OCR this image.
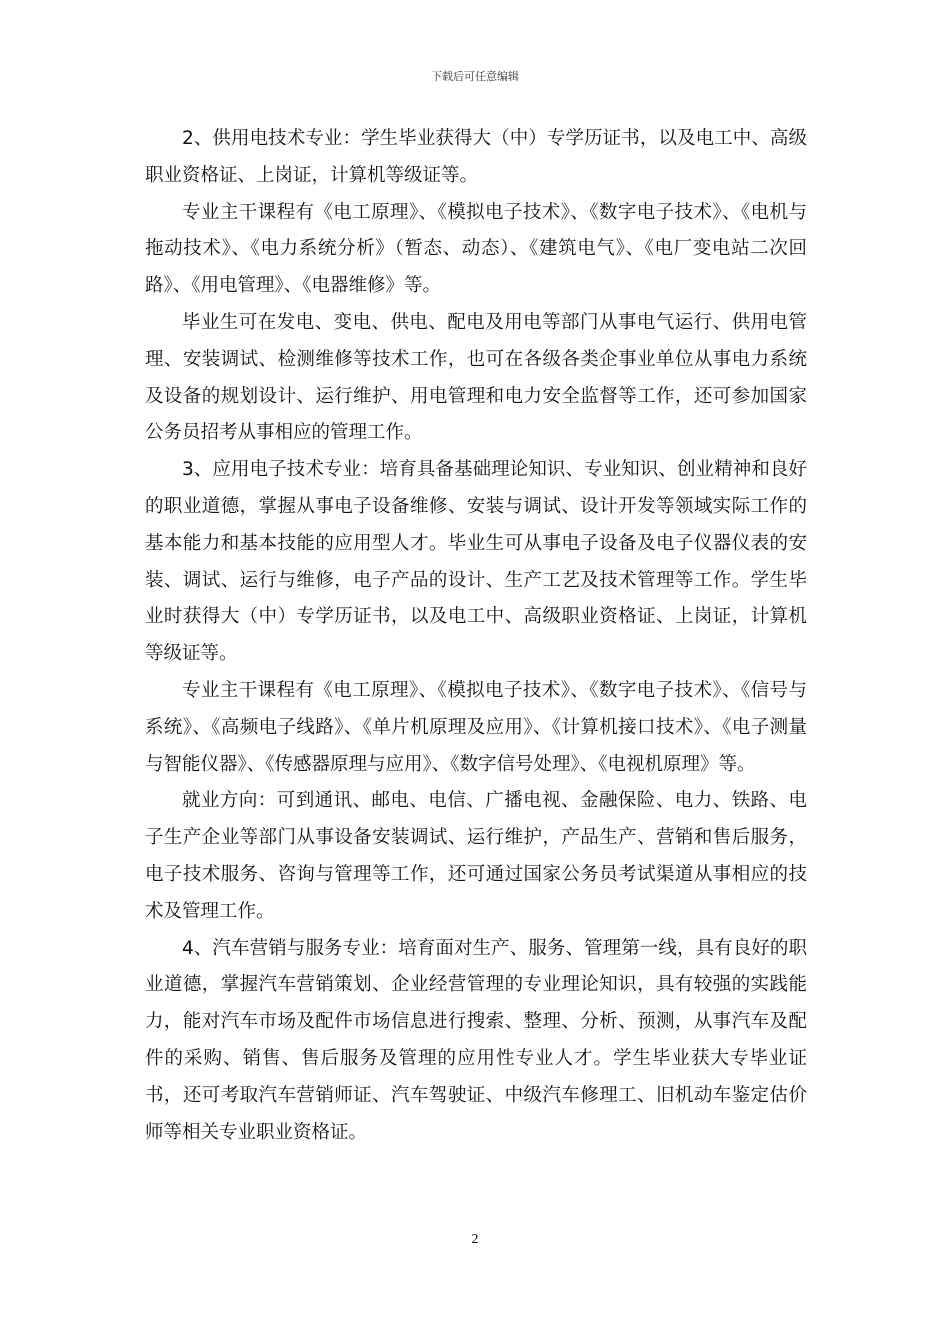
下载后可任意编辑

2、供用电技术专业：学生毕业获得大（中）专学历证书，以及电工中、高级职业资格证、上岗证，计算机等级证等。

专业主干课程有《电工原理》、《模拟电子技术》、《数字电子技术》、《电机与拖动技术》、《电力系统分析》（暂态、动态）、《建筑电气》、《电厂变电站二次回路》、《用电管理》、《电器维修》等。

毕业生可在发电、变电、供电、配电及用电等部门从事电气运行、供用电管理、安装调试、检测维修等技术工作，也可在各级各类企事业单位从事电力系统及设备的规划设计、运行维护、用电管理和电力安全监督等工作，还可参加国家公务员招考从事相应的管理工作。

3、应用电子技术专业：培育具备基础理论知识、专业知识、创业精神和良好的职业道德，掌握从事电子设备维修、安装与调试、设计开发等领域实际工作的基本能力和基本技能的应用型人才。毕业生可从事电子设备及电子仪器仪表的安装、调试、运行与维修，电子产品的设计、生产工艺及技术管理等工作。学生毕业时获得大（中）专学历证书，以及电工中、高级职业资格证、上岗证，计算机等级证等。

专业主干课程有《电工原理》、《模拟电子技术》、《数字电子技术》、《信号与系统》、《高频电子线路》、《单片机原理及应用》、《计算机接口技术》、《电子测量与智能仪器》、《传感器原理与应用》、《数字信号处理》、《电视机原理》等。

就业方向：可到通讯、邮电、电信、广播电视、金融保险、电力、铁路、电子生产企业等部门从事设备安装调试、运行维护，产品生产、营销和售后服务，电子技术服务、咨询与管理等工作，还可通过国家公务员考试渠道从事相应的技术及管理工作。

4、汽车营销与服务专业：培育面对生产、服务、管理第一线，具有良好的职业道德，掌握汽车营销策划、企业经营管理的专业理论知识，具有较强的实践能力，能对汽车市场及配件市场信息进行搜索、整理、分析、预测，从事汽车及配件的采购、销售、售后服务及管理的应用性专业人才。学生毕业获大专毕业证书，还可考取汽车营销师证、汽车驾驶证、中级汽车修理工、旧机动车鉴定估价师等相关专业职业资格证。

2
